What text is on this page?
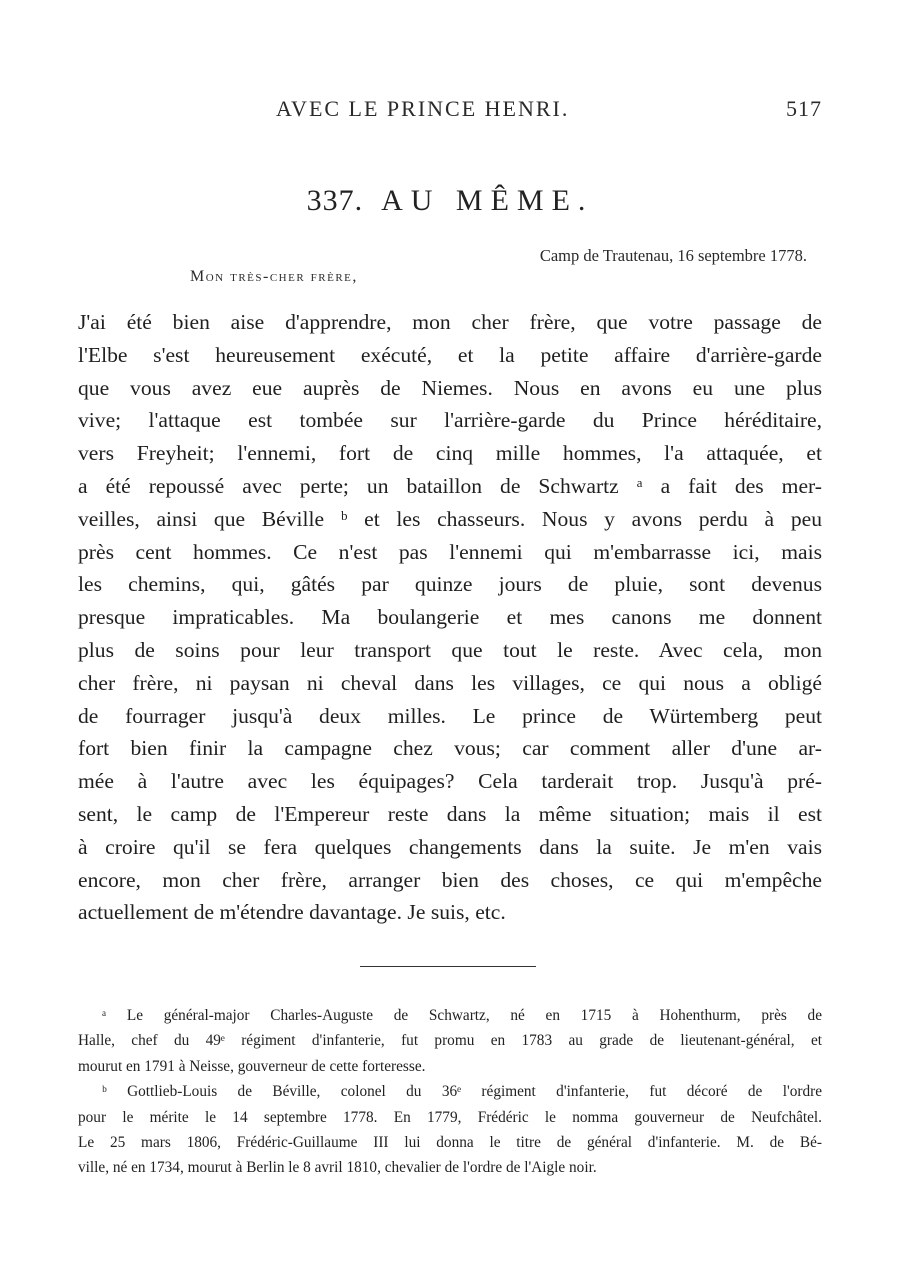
AVEC LE PRINCE HENRI.	517
337. AU MÊME.
Camp de Trautenau, 16 septembre 1778.
Mon très-cher frère,
J'ai été bien aise d'apprendre, mon cher frère, que votre passage de
l'Elbe s'est heureusement exécuté, et la petite affaire d'arrière-garde
que vous avez eue auprès de Niemes. Nous en avons eu une plus
vive; l'attaque est tombée sur l'arrière-garde du Prince héréditaire,
vers Freyheit; l'ennemi, fort de cinq mille hommes, l'a attaquée, et
a été repoussé avec perte; un bataillon de Schwartz ᵃ a fait des mer-
veilles, ainsi que Béville ᵇ et les chasseurs. Nous y avons perdu à peu
près cent hommes. Ce n'est pas l'ennemi qui m'embarrasse ici, mais
les chemins, qui, gâtés par quinze jours de pluie, sont devenus
presque impraticables. Ma boulangerie et mes canons me donnent
plus de soins pour leur transport que tout le reste. Avec cela, mon
cher frère, ni paysan ni cheval dans les villages, ce qui nous a obligé
de fourrager jusqu'à deux milles. Le prince de Würtemberg peut
fort bien finir la campagne chez vous; car comment aller d'une ar-
mée à l'autre avec les équipages? Cela tarderait trop. Jusqu'à pré-
sent, le camp de l'Empereur reste dans la même situation; mais il est
à croire qu'il se fera quelques changements dans la suite. Je m'en vais
encore, mon cher frère, arranger bien des choses, ce qui m'empêche
actuellement de m'étendre davantage. Je suis, etc.
ᵃ Le général-major Charles-Auguste de Schwartz, né en 1715 à Hohenthurm, près de
Halle, chef du 49ᵉ régiment d'infanterie, fut promu en 1783 au grade de lieutenant-général, et
mourut en 1791 à Neisse, gouverneur de cette forteresse.
ᵇ Gottlieb-Louis de Béville, colonel du 36ᵉ régiment d'infanterie, fut décoré de l'ordre
pour le mérite le 14 septembre 1778. En 1779, Frédéric le nomma gouverneur de Neufchâtel.
Le 25 mars 1806, Frédéric-Guillaume III lui donna le titre de général d'infanterie. M. de Bé-
ville, né en 1734, mourut à Berlin le 8 avril 1810, chevalier de l'ordre de l'Aigle noir.
